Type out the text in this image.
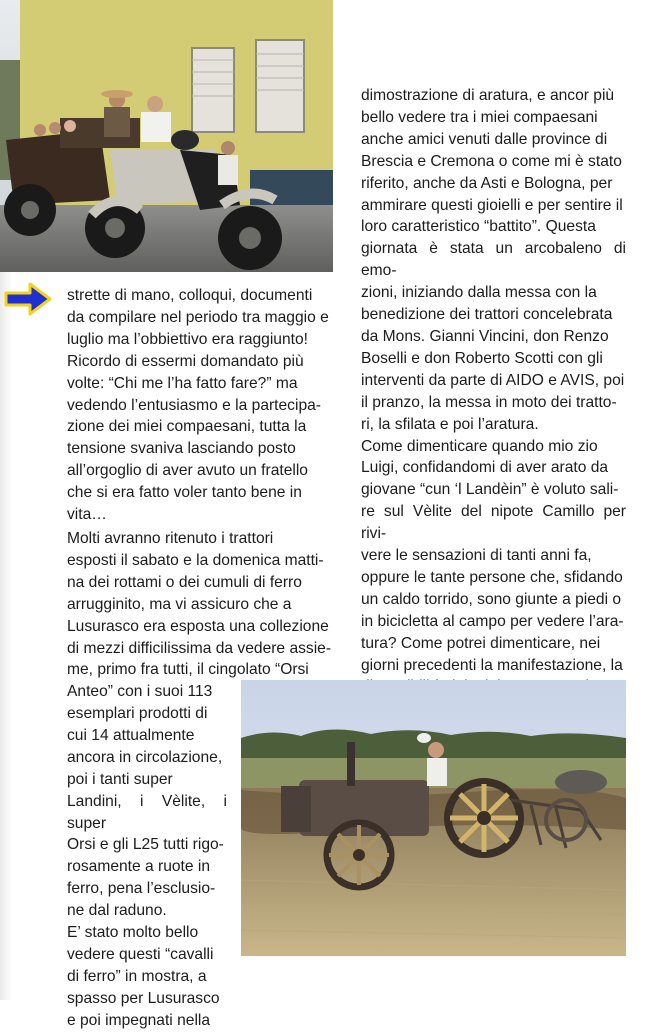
strette di mano, colloqui, documenti
da compilare nel periodo tra maggio e
luglio ma l’obbiettivo era raggiunto!
Ricordo di essermi domandato più
volte: “Chi me l’ha fatto fare?” ma
vedendo l’entusiasmo e la partecipa-
zione dei miei compaesani, tutta la
tensione svaniva lasciando posto
all’orgoglio di aver avuto un fratello
che si era fatto voler tanto bene in
vita…
Molti avranno ritenuto i trattori
esposti il sabato e la domenica matti-
na dei rottami o dei cumuli di ferro
arrugginito, ma vi assicuro che a
Lusurasco era esposta una collezione
di mezzi difficilissima da vedere assie-
me, primo fra tutti, il cingolato “Orsi
Anteo” con i suoi 113
esemplari prodotti di
cui 14 attualmente
ancora in circolazione,
poi i tanti super
Landini, i Vèlite, i super
Orsi e gli L25 tutti rigo-
rosamente a ruote in
ferro, pena l’esclusio-
ne dal raduno.
E’ stato molto bello
vedere questi “cavalli
di ferro” in mostra, a
spasso per Lusurasco
e poi impegnati nella
dimostrazione di aratura, e ancor più
bello vedere tra i miei compaesani
anche amici venuti dalle province di
Brescia e Cremona o come mi è stato
riferito, anche da Asti e Bologna, per
ammirare questi gioielli e per sentire il
loro caratteristico “battito”. Questa
giornata è stata un arcobaleno di emo-
zioni, iniziando dalla messa con la
benedizione dei trattori concelebrata
da Mons. Gianni Vincini, don Renzo
Boselli e don Roberto Scotti con gli
interventi da parte di AIDO e AVIS, poi
il pranzo, la messa in moto dei tratto-
ri, la sfilata e poi l’aratura.
Come dimenticare quando mio zio
Luigi, confidandomi di aver arato da
giovane “cun ‘l Landèin” è voluto sali-
re sul Vèlite del nipote Camillo per rivi-
vere le sensazioni di tanti anni fa,
oppure le tante persone che, sfidando
un caldo torrido, sono giunte a piedi o
in bicicletta al campo per vedere l’ara-
tura? Come potrei dimenticare, nei
giorni precedenti la manifestazione, la
